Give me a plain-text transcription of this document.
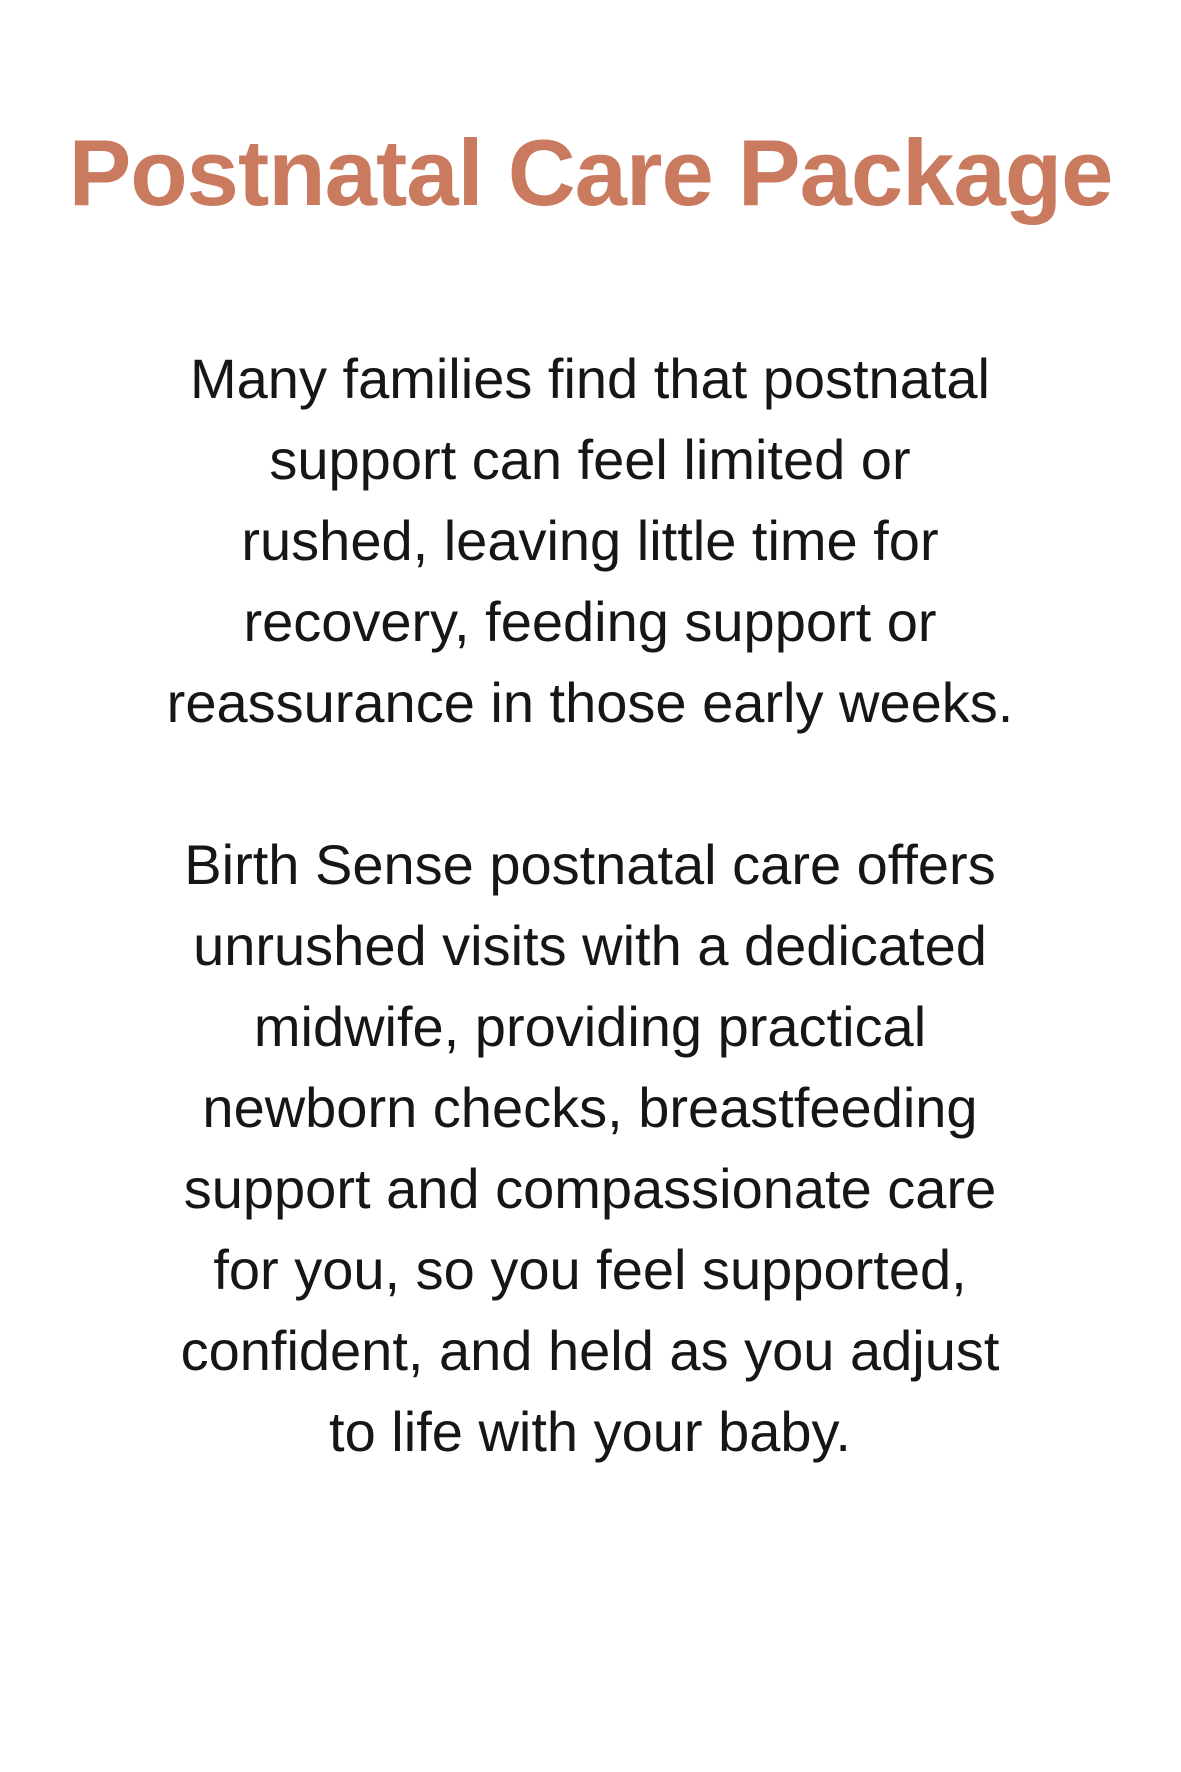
Postnatal Care Package

Many families find that postnatal
support can feel limited or
rushed, leaving little time for
recovery, feeding support or
reassurance in those early weeks.

Birth Sense postnatal care offers
unrushed visits with a dedicated
midwife, providing practical
newborn checks, breastfeeding
support and compassionate care
for you, so you feel supported,
confident, and held as you adjust
to life with your baby.
